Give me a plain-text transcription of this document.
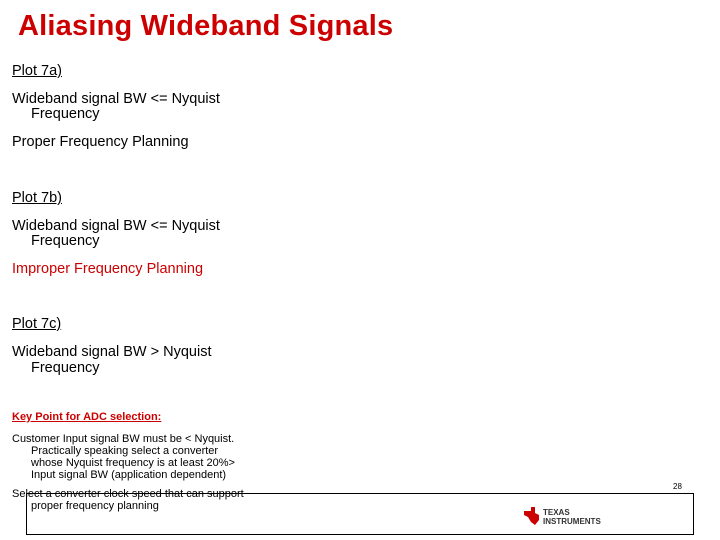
Aliasing Wideband Signals
Plot 7a)
Wideband signal BW <= Nyquist
Frequency
Proper Frequency Planning
Plot 7b)
Wideband signal BW <= Nyquist
Frequency
Improper Frequency Planning
Plot 7c)
Wideband signal BW > Nyquist
Frequency
Key Point for ADC selection:
Customer Input signal BW must be < Nyquist.
Practically speaking select a converter
whose Nyquist frequency is at least 20%>
Input signal BW (application dependent)
Select a converter clock speed that can support
proper frequency planning
28
TEXAS
INSTRUMENTS
